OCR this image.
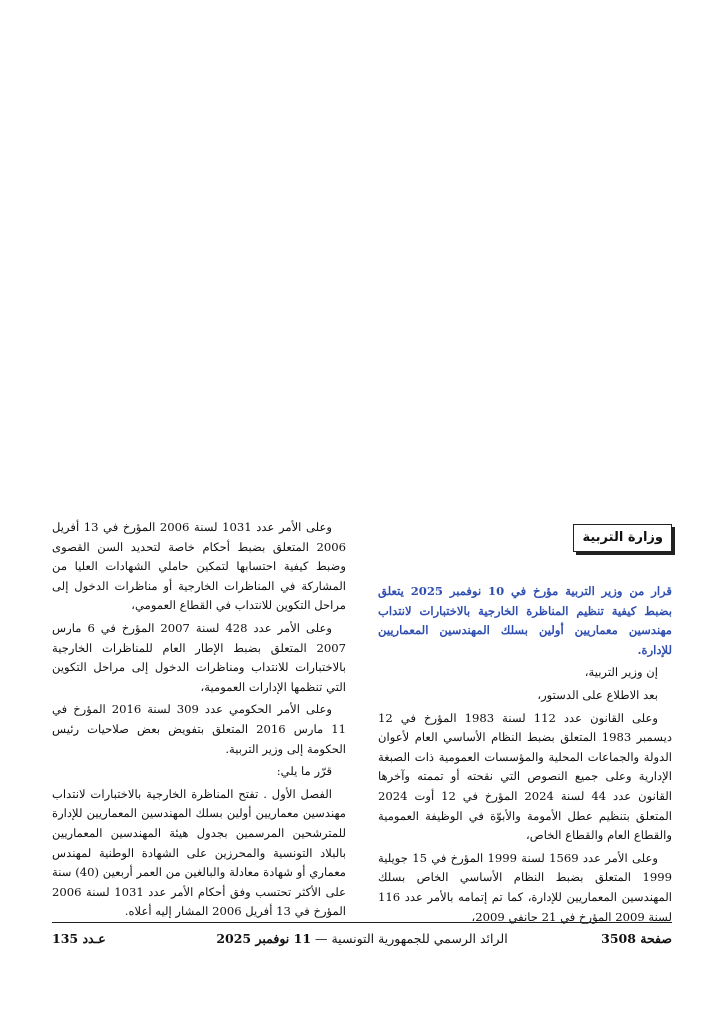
وزارة التربية

قرار من وزير التربية مؤرخ في 10 نوفمبر 2025 يتعلق بضبط كيفية تنظيم المناظرة الخارجية بالاختبارات لانتداب مهندسين معماريين أولين بسلك المهندسين المعماريين للإدارة.

إن وزير التربية،

بعد الاطلاع على الدستور،

وعلى القانون عدد 112 لسنة 1983 المؤرخ في 12 ديسمبر 1983 المتعلق بضبط النظام الأساسي العام لأعوان الدولة والجماعات المحلية والمؤسسات العمومية ذات الصبغة الإدارية وعلى جميع النصوص التي نقحته أو تممته وآخرها القانون عدد 44 لسنة 2024 المؤرخ في 12 أوت 2024 المتعلق بتنظيم عطل الأمومة والأبوّة في الوظيفة العمومية والقطاع العام والقطاع الخاص،

وعلى الأمر عدد 1569 لسنة 1999 المؤرخ في 15 جويلية 1999 المتعلق بضبط النظام الأساسي الخاص بسلك المهندسين المعماريين للإدارة، كما تم إتمامه بالأمر عدد 116 لسنة 2009 المؤرخ في 21 جانفي 2009،

وعلى الأمر عدد 1031 لسنة 2006 المؤرخ في 13 أفريل 2006 المتعلق بضبط أحكام خاصة لتحديد السن القصوى وضبط كيفية احتسابها لتمكين حاملي الشهادات العليا من المشاركة في المناظرات الخارجية أو مناظرات الدخول إلى مراحل التكوين للانتداب في القطاع العمومي،

وعلى الأمر عدد 428 لسنة 2007 المؤرخ في 6 مارس 2007 المتعلق بضبط الإطار العام للمناظرات الخارجية بالاختبارات للانتداب ومناظرات الدخول إلى مراحل التكوين التي تنظمها الإدارات العمومية،

وعلى الأمر الحكومي عدد 309 لسنة 2016 المؤرخ في 11 مارس 2016 المتعلق بتفويض بعض صلاحيات رئيس الحكومة إلى وزير التربية.

قرّر ما يلي:

الفصل الأول . تفتح المناظرة الخارجية بالاختبارات لانتداب مهندسين معماريين أولين بسلك المهندسين المعماريين للإدارة للمترشحين المرسمين بجدول هيئة المهندسين المعماريين بالبلاد التونسية والمحرزين على الشهادة الوطنية لمهندس معماري أو شهادة معادلة والبالغين من العمر أربعين (40) سنة على الأكثر تحتسب وفق أحكام الأمر عدد 1031 لسنة 2006 المؤرخ في 13 أفريل 2006 المشار إليه أعلاه.

صفحة 3508
الرائد الرسمي للجمهورية التونسية — 11 نوفمبر 2025
عـدد 135
